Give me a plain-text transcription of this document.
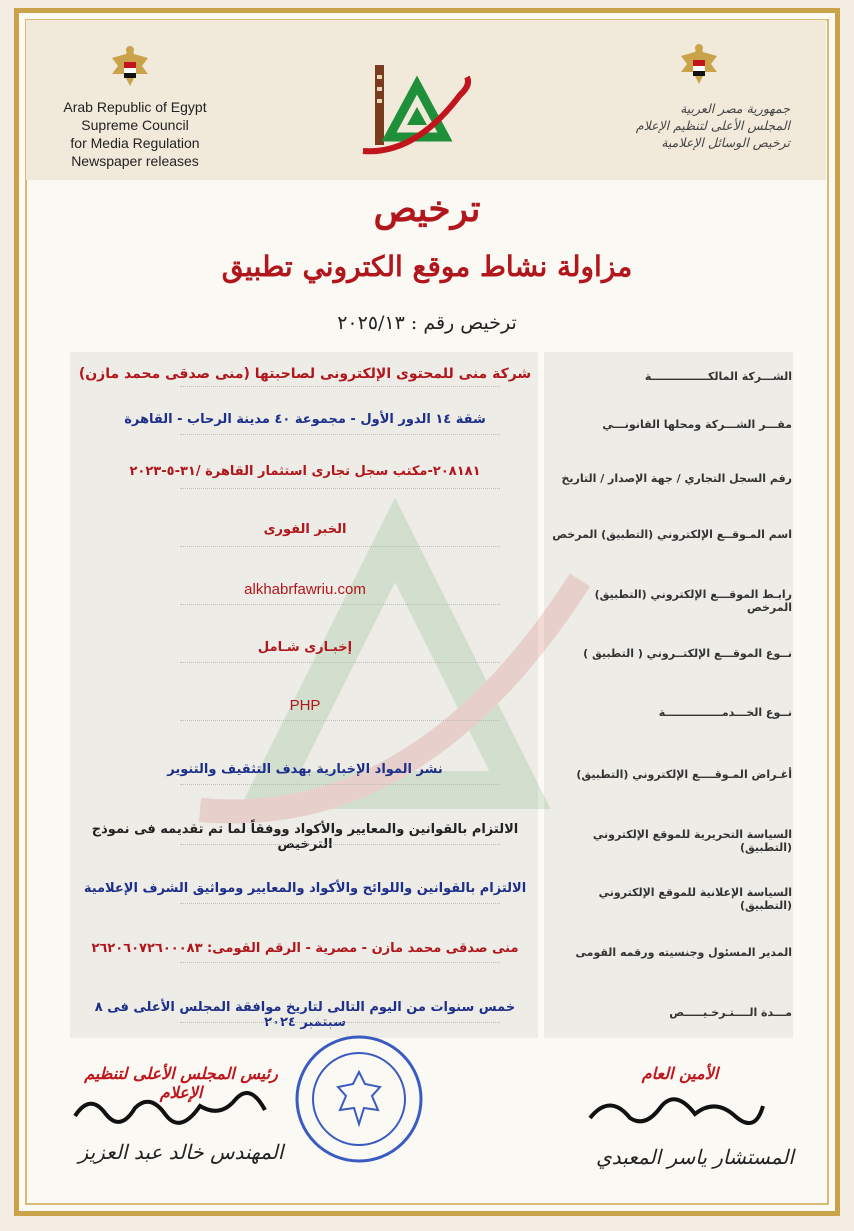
Arab Republic of Egypt
Supreme Council
for Media Regulation
Newspaper releases
جمهورية مصر العربية
المجلس الأعلى لتنظيم الإعلام
ترخيص الوسائل الإعلامية
ترخيص
مزاولة نشاط موقع الكتروني تطبيق
ترخيص رقم : ٢٠٢٥/١٣
الشـــركة المالكـــــــــــــــة
شركة منى للمحتوى الإلكترونى لصاحبتها (منى صدقى محمد مازن)
مقـــر الشـــركة ومحلها القانونـــي
شقة ١٤ الدور الأول - مجموعة ٤٠ مدينة الرحاب - القاهرة
رقم السجل التجاري / جهة الإصدار / التاريخ
٢٠٨١٨١-مكتب سجل تجارى استثمار القاهرة /٣١-٥-٢٠٢٣
اسم المـوقــع الإلكتروني (التطبيق) المرخص
الخبر الفورى
رابـط الموقـــع الإلكتروني (التطبيق) المرخص
alkhabrfawriu.com
نــوع الموقـــع الإلكتــروني ( التطبيق )
إخبـارى شـامل
نــوع الخـــدمـــــــــــــــة
PHP
أغـراض المـوقــــع الإلكتروني (التطبيق)
نشر المواد الإخبارية بهدف التثقيف والتنوير
السياسة التحريرية للموقع الإلكتروني (التطبيق)
الالتزام بالقوانين والمعايير والأكواد ووفقاً لما تم تقديمه فى نموذج الترخيص
السياسة الإعلانية للموقع الإلكتروني (التطبيق)
الالتزام بالقوانين واللوائح والأكواد والمعايير ومواثيق الشرف الإعلامية
المدير المسئول وجنسيته ورقمه القومى
منى صدقى محمد مازن - مصرية - الرقم القومى: ٢٦٢٠٦٠٧٢٦٠٠٠٨٣
مـــدة الــــتـرخـيـــــص
خمس سنوات من اليوم التالى لتاريخ موافقة المجلس الأعلى فى ٨ سبتمبر ٢٠٢٤
رئيس المجلس الأعلى لتنظيم الإعلام
المهندس خالد عبد العزيز
الأمين العام
المستشار ياسر المعبدي
